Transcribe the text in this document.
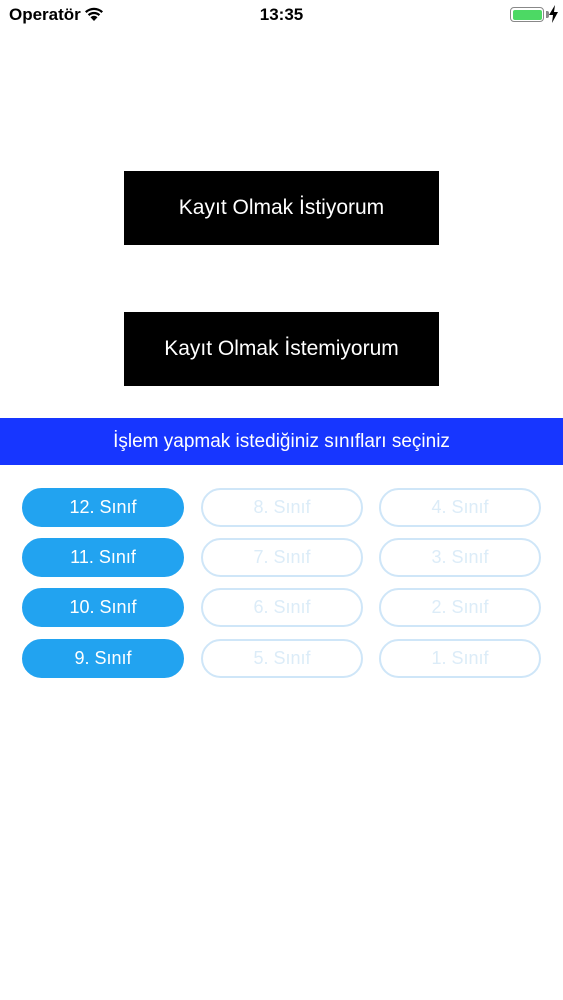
Operatör	13:35
Kayıt Olmak İstiyorum
Kayıt Olmak İstemiyorum
İşlem yapmak istediğiniz sınıfları seçiniz
12. Sınıf	8. Sınıf	4. Sınıf
11. Sınıf	7. Sınıf	3. Sınıf
10. Sınıf	6. Sınıf	2. Sınıf
9. Sınıf	5. Sınıf	1. Sınıf
